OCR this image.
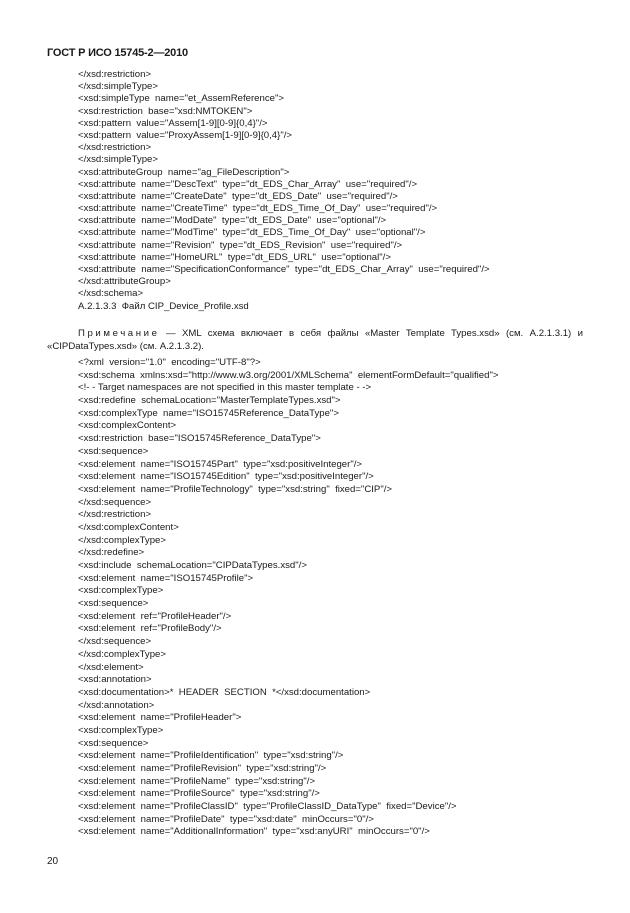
ГОСТ Р ИСО 15745-2—2010
</xsd:restriction>
</xsd:simpleType>
<xsd:simpleType  name="et_AssemReference">
<xsd:restriction  base="xsd:NMTOKEN">
<xsd:pattern  value="Assem[1-9][0-9]{0,4}"/>
<xsd:pattern  value="ProxyAssem[1-9][0-9]{0,4}"/>
</xsd:restriction>
</xsd:simpleType>
<xsd:attributeGroup  name="ag_FileDescription">
<xsd:attribute  name="DescText"  type="dt_EDS_Char_Array"  use="required"/>
<xsd:attribute  name="CreateDate"  type="dt_EDS_Date"  use="required"/>
<xsd:attribute  name="CreateTime"  type="dt_EDS_Time_Of_Day"  use="required"/>
<xsd:attribute  name="ModDate"  type="dt_EDS_Date"  use="optional"/>
<xsd:attribute  name="ModTime"  type="dt_EDS_Time_Of_Day"  use="optional"/>
<xsd:attribute  name="Revision"  type="dt_EDS_Revision"  use="required"/>
<xsd:attribute  name="HomeURL"  type="dt_EDS_URL"  use="optional"/>
<xsd:attribute  name="SpecificationConformance"  type="dt_EDS_Char_Array"  use="required"/>
</xsd:attributeGroup>
</xsd:schema>
А.2.1.3.3  Файл CIP_Device_Profile.xsd
Примечание — XML схема включает в себя файлы «Master Template Types.xsd» (см. А.2.1.3.1) и «CIPDataTypes.xsd» (см. А.2.1.3.2).
<?xml  version="1.0"  encoding="UTF-8"?>
<xsd:schema  xmlns:xsd="http://www.w3.org/2001/XMLSchema"  elementFormDefault="qualified">
<!- - Target namespaces are not specified in this master template - ->
<xsd:redefine  schemaLocation="MasterTemplateTypes.xsd">
<xsd:complexType  name="ISO15745Reference_DataType">
<xsd:complexContent>
<xsd:restriction  base="ISO15745Reference_DataType">
<xsd:sequence>
<xsd:element  name="ISO15745Part"  type="xsd:positiveInteger"/>
<xsd:element  name="ISO15745Edition"  type="xsd:positiveInteger"/>
<xsd:element  name="ProfileTechnology"  type="xsd:string"  fixed="CIP"/>
</xsd:sequence>
</xsd:restriction>
</xsd:complexContent>
</xsd:complexType>
</xsd:redefine>
<xsd:include  schemaLocation="CIPDataTypes.xsd"/>
<xsd:element  name="ISO15745Profile">
<xsd:complexType>
<xsd:sequence>
<xsd:element  ref="ProfileHeader"/>
<xsd:element  ref="ProfileBody"/>
</xsd:sequence>
</xsd:complexType>
</xsd:element>
<xsd:annotation>
<xsd:documentation>*  HEADER  SECTION  *</xsd:documentation>
</xsd:annotation>
<xsd:element  name="ProfileHeader">
<xsd:complexType>
<xsd:sequence>
<xsd:element  name="ProfileIdentification"  type="xsd:string"/>
<xsd:element  name="ProfileRevision"  type="xsd:string"/>
<xsd:element  name="ProfileName"  type="xsd:string"/>
<xsd:element  name="ProfileSource"  type="xsd:string"/>
<xsd:element  name="ProfileClassID"  type="ProfileClassID_DataType"  fixed="Device"/>
<xsd:element  name="ProfileDate"  type="xsd:date"  minOccurs="0"/>
<xsd:element  name="AdditionalInformation"  type="xsd:anyURI"  minOccurs="0"/>
20
